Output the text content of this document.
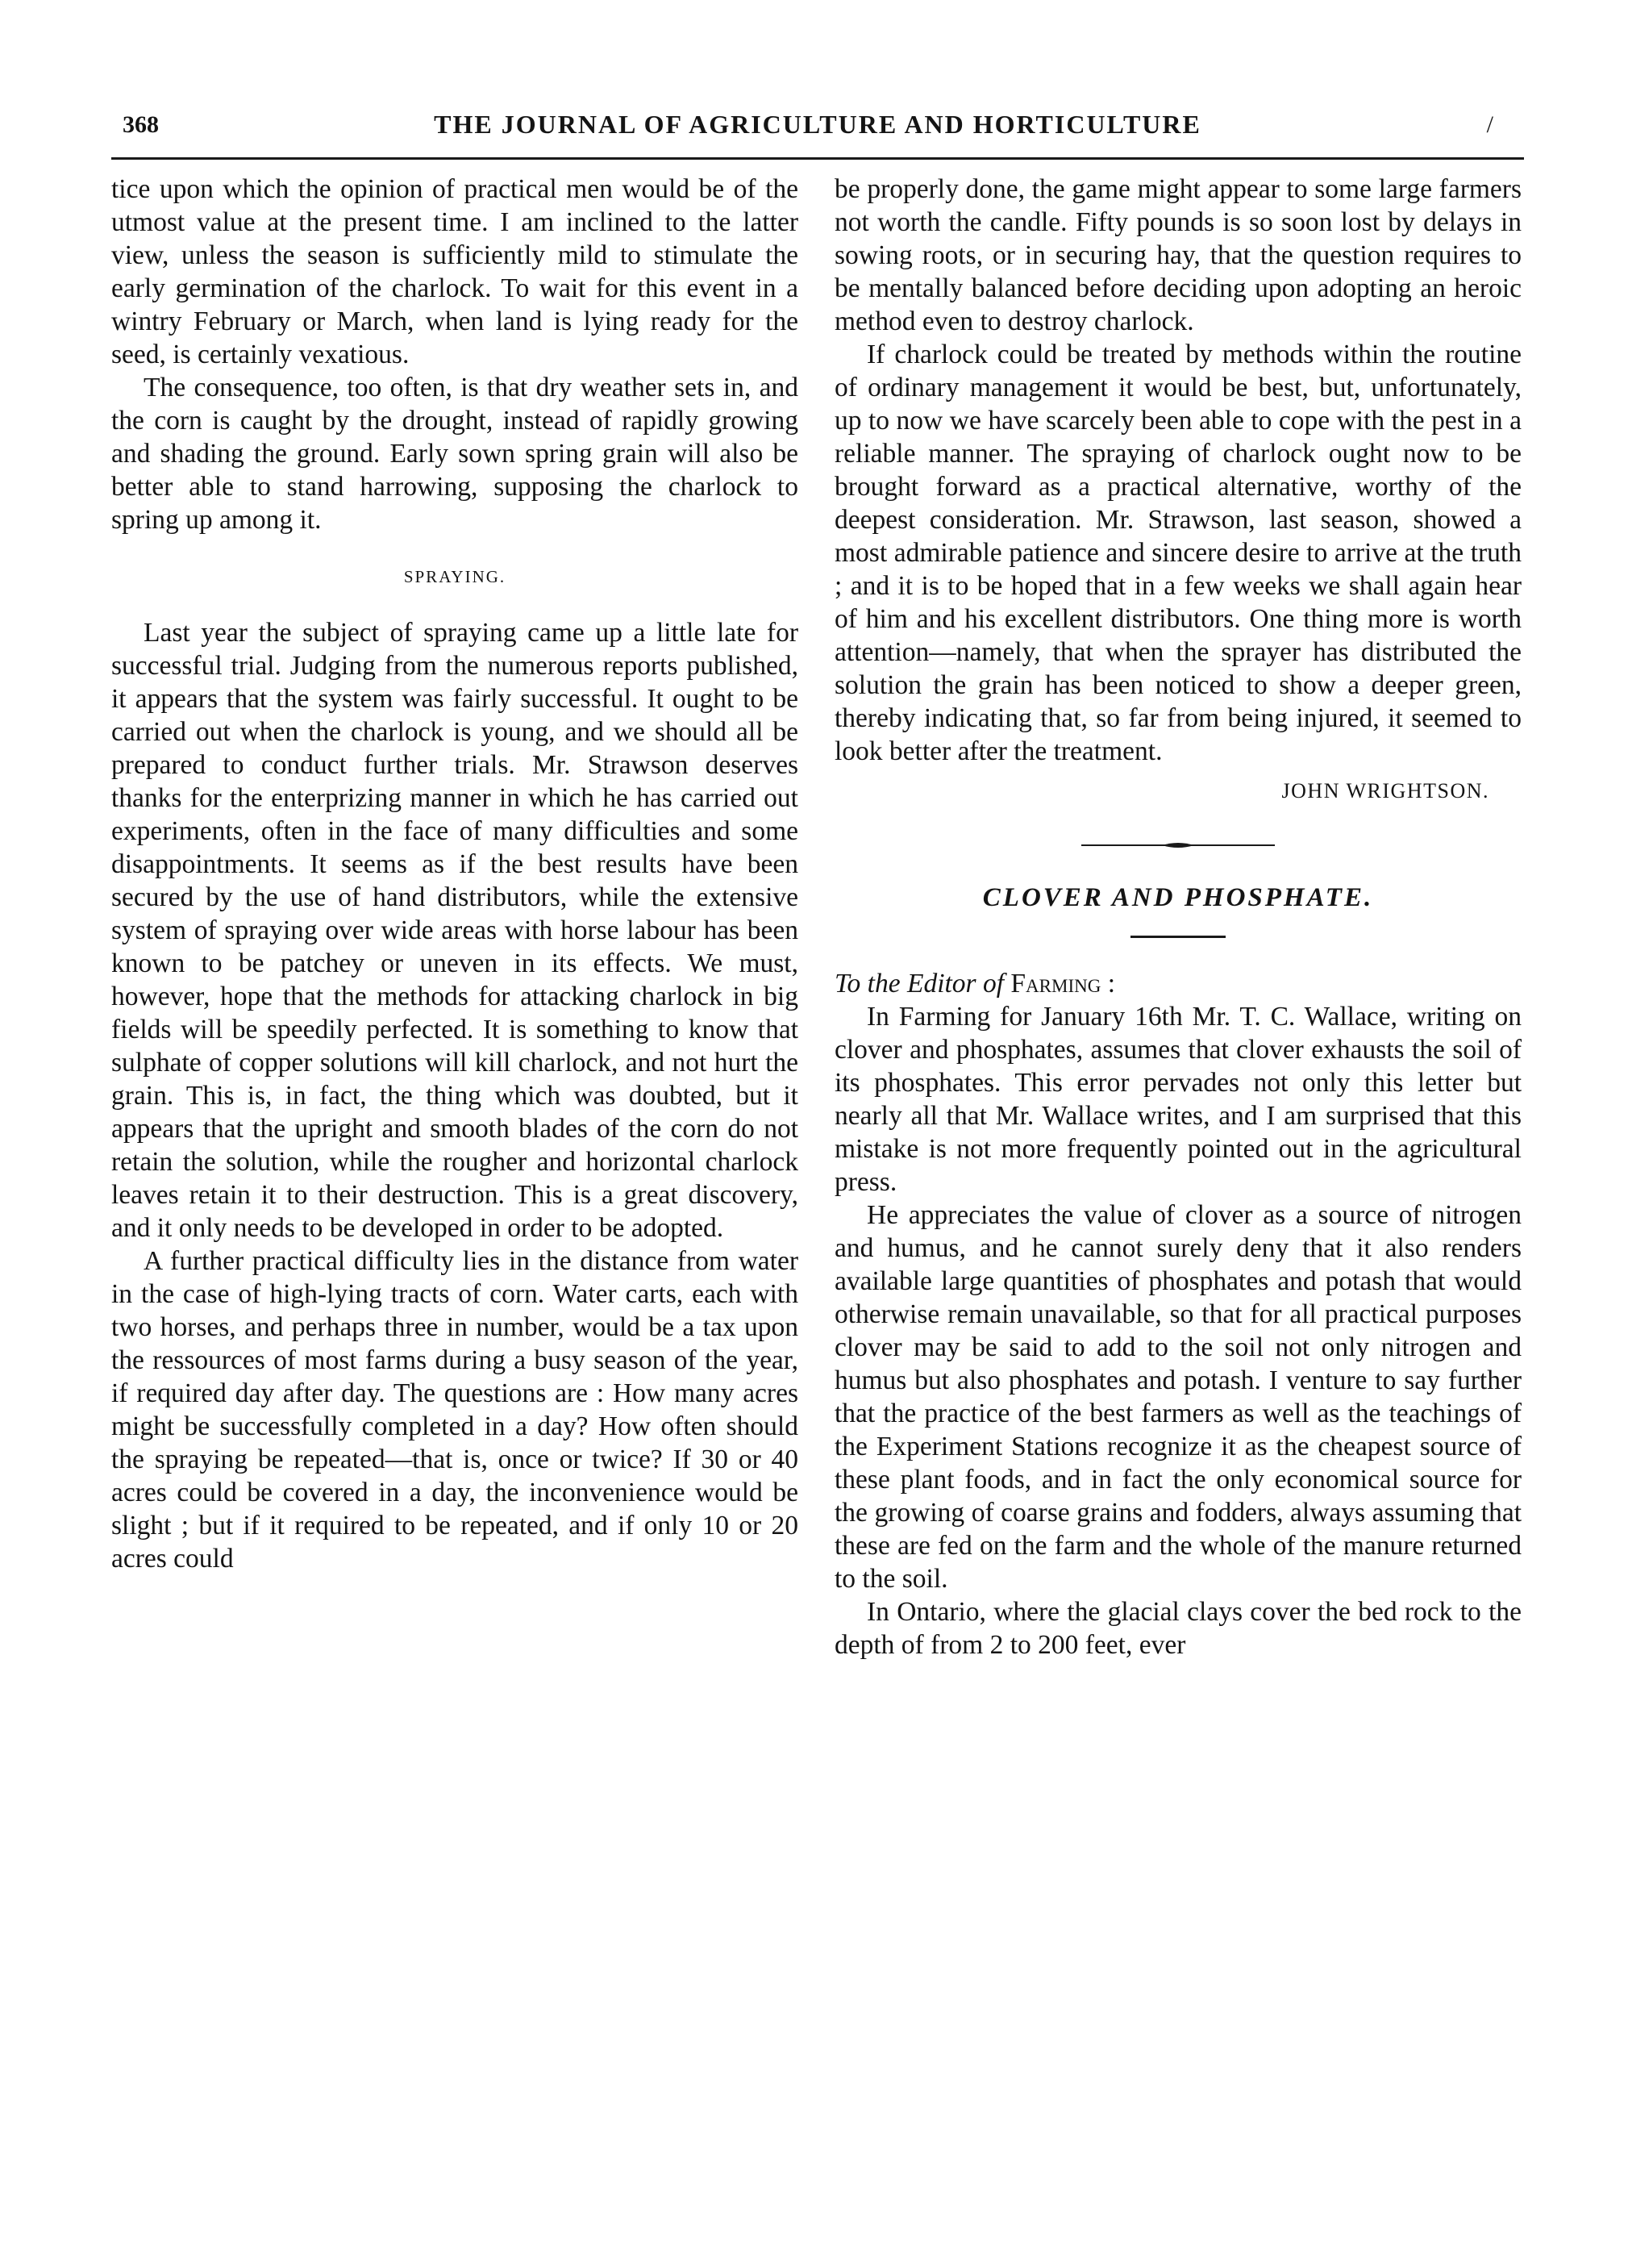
368	THE JOURNAL OF AGRICULTURE AND HORTICULTURE	/

tice upon which the opinion of practical men would be of the utmost value at the present time. I am inclined to the latter view, unless the season is sufficiently mild to stimulate the early germination of the charlock. To wait for this event in a wintry February or March, when land is lying ready for the seed, is certainly vexatious.

The consequence, too often, is that dry weather sets in, and the corn is caught by the drought, instead of rapidly growing and shading the ground. Early sown spring grain will also be better able to stand harrowing, supposing the charlock to spring up among it.

SPRAYING.

Last year the subject of spraying came up a little late for successful trial. Judging from the numerous reports published, it appears that the system was fairly successful. It ought to be carried out when the charlock is young, and we should all be prepared to conduct further trials. Mr. Strawson deserves thanks for the enterprizing manner in which he has carried out experiments, often in the face of many difficulties and some disappointments. It seems as if the best results have been secured by the use of hand distributors, while the extensive system of spraying over wide areas with horse labour has been known to be patchey or uneven in its effects. We must, however, hope that the methods for attacking charlock in big fields will be speedily perfected. It is something to know that sulphate of copper solutions will kill charlock, and not hurt the grain. This is, in fact, the thing which was doubted, but it appears that the upright and smooth blades of the corn do not retain the solution, while the rougher and horizontal charlock leaves retain it to their destruction. This is a great discovery, and it only needs to be developed in order to be adopted.

A further practical difficulty lies in the distance from water in the case of high-lying tracts of corn. Water carts, each with two horses, and perhaps three in number, would be a tax upon the ressources of most farms during a busy season of the year, if required day after day. The questions are : How many acres might be successfully completed in a day? How often should the spraying be repeated—that is, once or twice? If 30 or 40 acres could be covered in a day, the inconvenience would be slight ; but if it required to be repeated, and if only 10 or 20 acres could

be properly done, the game might appear to some large farmers not worth the candle. Fifty pounds is so soon lost by delays in sowing roots, or in securing hay, that the question requires to be mentally balanced before deciding upon adopting an heroic method even to destroy charlock.

If charlock could be treated by methods within the routine of ordinary management it would be best, but, unfortunately, up to now we have scarcely been able to cope with the pest in a reliable manner. The spraying of charlock ought now to be brought forward as a practical alternative, worthy of the deepest consideration. Mr. Strawson, last season, showed a most admirable patience and sincere desire to arrive at the truth ; and it is to be hoped that in a few weeks we shall again hear of him and his excellent distributors. One thing more is worth attention—namely, that when the sprayer has distributed the solution the grain has been noticed to show a deeper green, thereby indicating that, so far from being injured, it seemed to look better after the treatment.

JOHN WRIGHTSON.
CLOVER AND PHOSPHATE.

To the Editor of Farming :

In Farming for January 16th Mr. T. C. Wallace, writing on clover and phosphates, assumes that clover exhausts the soil of its phosphates. This error pervades not only this letter but nearly all that Mr. Wallace writes, and I am surprised that this mistake is not more frequently pointed out in the agricultural press.

He appreciates the value of clover as a source of nitrogen and humus, and he cannot surely deny that it also renders available large quantities of phosphates and potash that would otherwise remain unavailable, so that for all practical purposes clover may be said to add to the soil not only nitrogen and humus but also phosphates and potash. I venture to say further that the practice of the best farmers as well as the teachings of the Experiment Stations recognize it as the cheapest source of these plant foods, and in fact the only economical source for the growing of coarse grains and fodders, always assuming that these are fed on the farm and the whole of the manure returned to the soil.

In Ontario, where the glacial clays cover the bed rock to the depth of from 2 to 200 feet, ever
